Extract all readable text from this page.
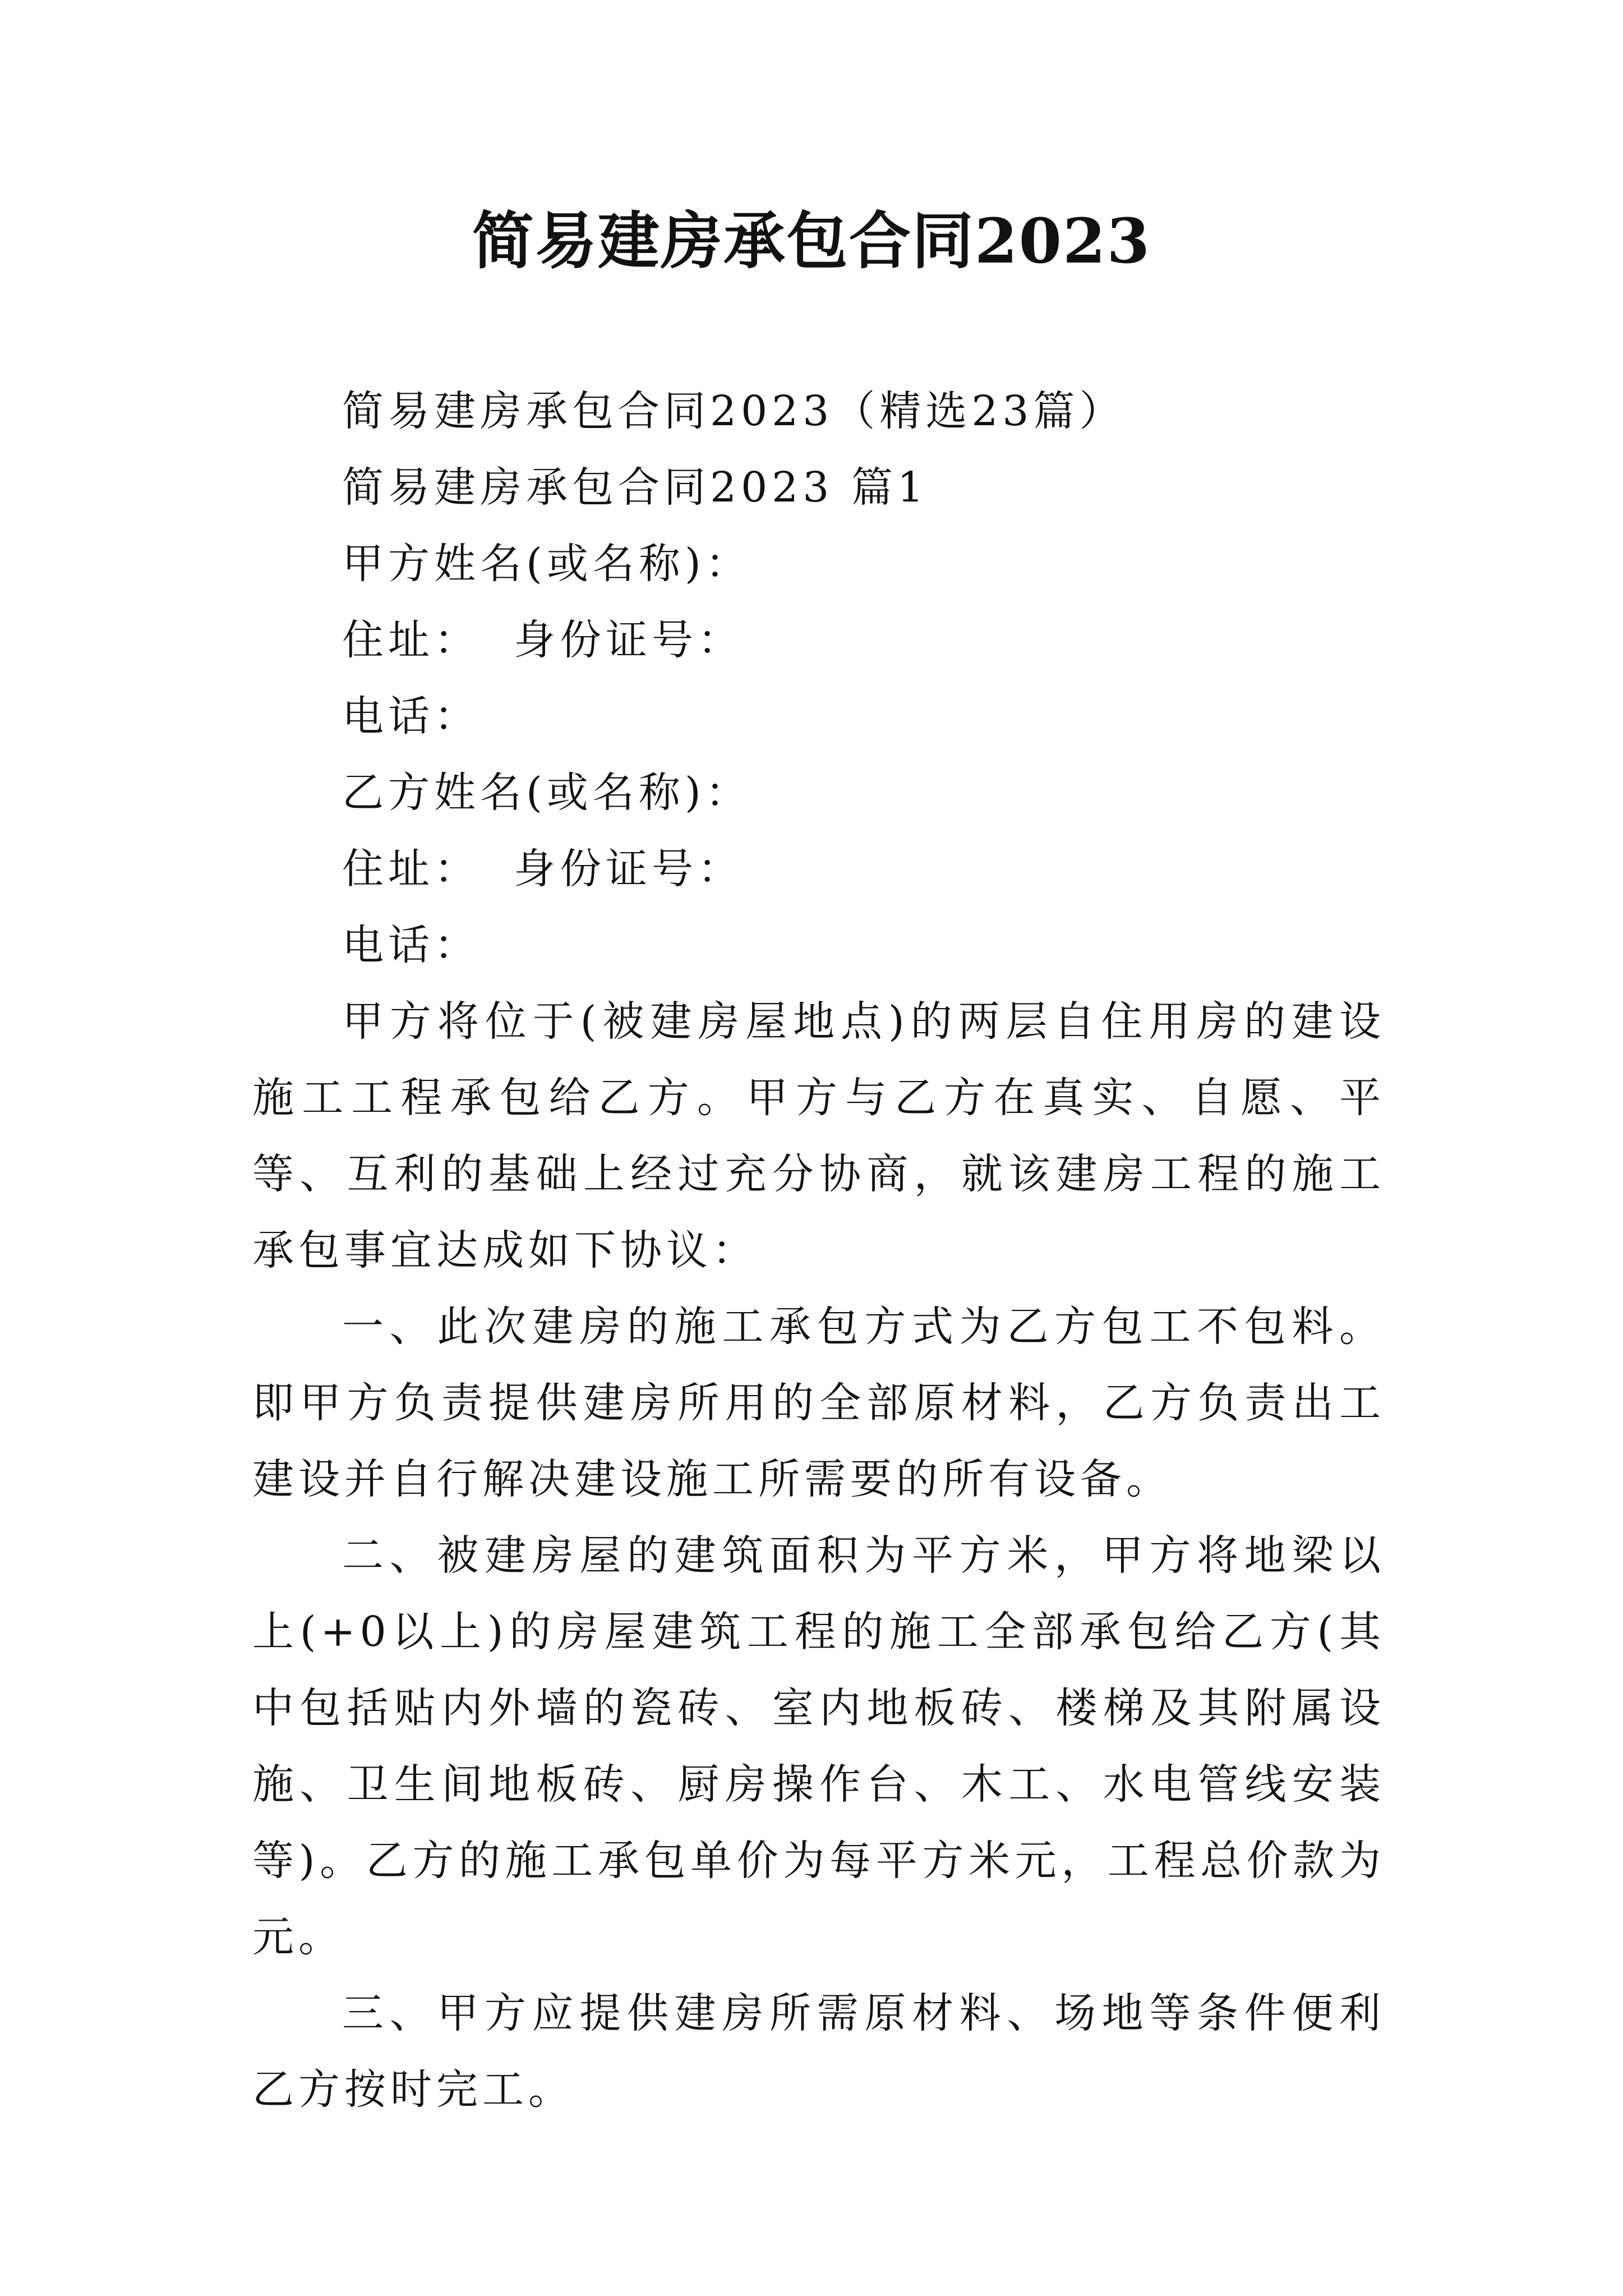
简易建房承包合同2023
简易建房承包合同2023（精选23篇）
简易建房承包合同2023 篇1
甲方姓名(或名称)：
住址： 身份证号：
电话：
乙方姓名(或名称)：
住址： 身份证号：
电话：

甲方将位于(被建房屋地点)的两层自住用房的建设施工工程承包给乙方。甲方与乙方在真实、自愿、平等、互利的基础上经过充分协商，就该建房工程的施工承包事宜达成如下协议：

一、此次建房的施工承包方式为乙方包工不包料。即甲方负责提供建房所用的全部原材料，乙方负责出工建设并自行解决建设施工所需要的所有设备。

二、被建房屋的建筑面积为平方米，甲方将地梁以上(+0以上)的房屋建筑工程的施工全部承包给乙方(其中包括贴内外墙的瓷砖、室内地板砖、楼梯及其附属设施、卫生间地板砖、厨房操作台、木工、水电管线安装等)。乙方的施工承包单价为每平方米元，工程总价款为 元。

三、甲方应提供建房所需原材料、场地等条件便利乙方按时完工。
